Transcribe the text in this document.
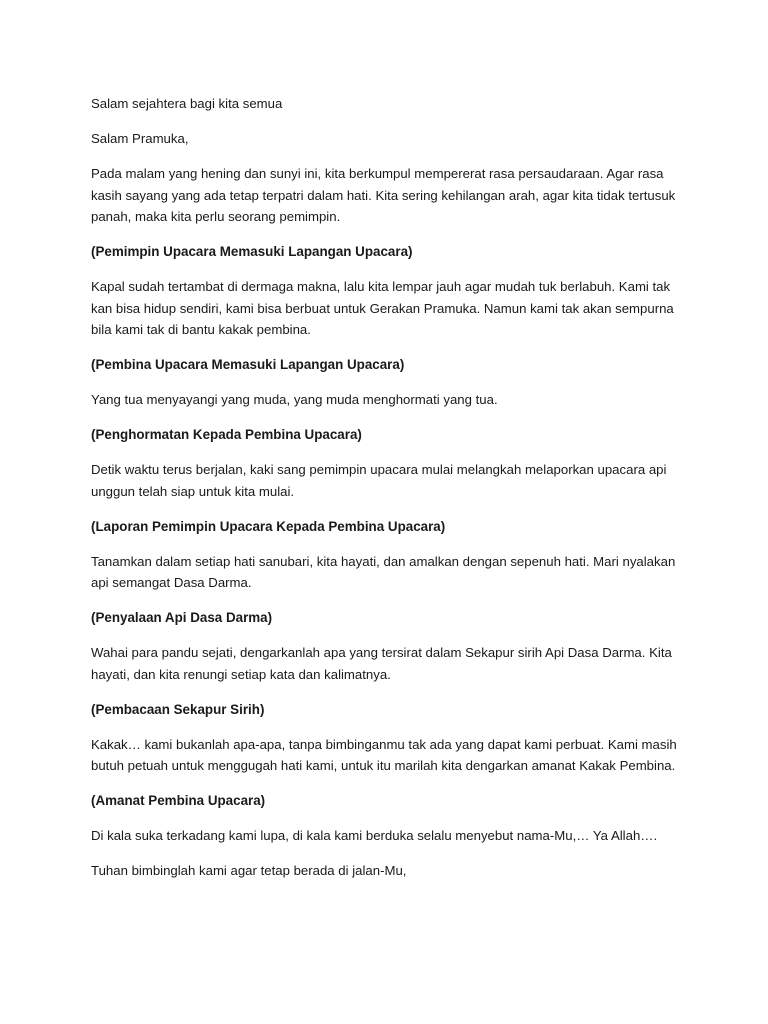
Salam sejahtera bagi kita semua

Salam Pramuka,

Pada malam yang hening dan sunyi ini, kita berkumpul mempererat rasa persaudaraan. Agar rasa kasih sayang yang ada tetap terpatri dalam hati. Kita sering kehilangan arah, agar kita tidak tertusuk panah, maka kita perlu seorang pemimpin.

(Pemimpin Upacara Memasuki Lapangan Upacara)

Kapal sudah tertambat di dermaga makna, lalu kita lempar jauh agar mudah tuk berlabuh. Kami tak kan bisa hidup sendiri, kami bisa berbuat untuk Gerakan Pramuka. Namun kami tak akan sempurna bila kami tak di bantu kakak pembina.

(Pembina Upacara Memasuki Lapangan Upacara)

Yang tua menyayangi yang muda, yang muda menghormati yang tua.

(Penghormatan Kepada Pembina Upacara)

Detik waktu terus berjalan, kaki sang pemimpin upacara mulai melangkah melaporkan upacara api unggun telah siap untuk kita mulai.

(Laporan Pemimpin Upacara Kepada Pembina Upacara)

Tanamkan dalam setiap hati sanubari, kita hayati, dan amalkan dengan sepenuh hati. Mari nyalakan api semangat Dasa Darma.

(Penyalaan Api Dasa Darma)

Wahai para pandu sejati, dengarkanlah apa yang tersirat dalam Sekapur sirih Api Dasa Darma. Kita hayati, dan kita renungi setiap kata dan kalimatnya.

(Pembacaan Sekapur Sirih)

Kakak… kami bukanlah apa-apa, tanpa bimbinganmu tak ada yang dapat kami perbuat. Kami masih butuh petuah untuk menggugah hati kami, untuk itu marilah kita dengarkan amanat Kakak Pembina.

(Amanat Pembina Upacara)

Di kala suka terkadang kami lupa, di kala kami berduka selalu menyebut nama-Mu,… Ya Allah….

Tuhan bimbinglah kami agar tetap berada di jalan-Mu,
